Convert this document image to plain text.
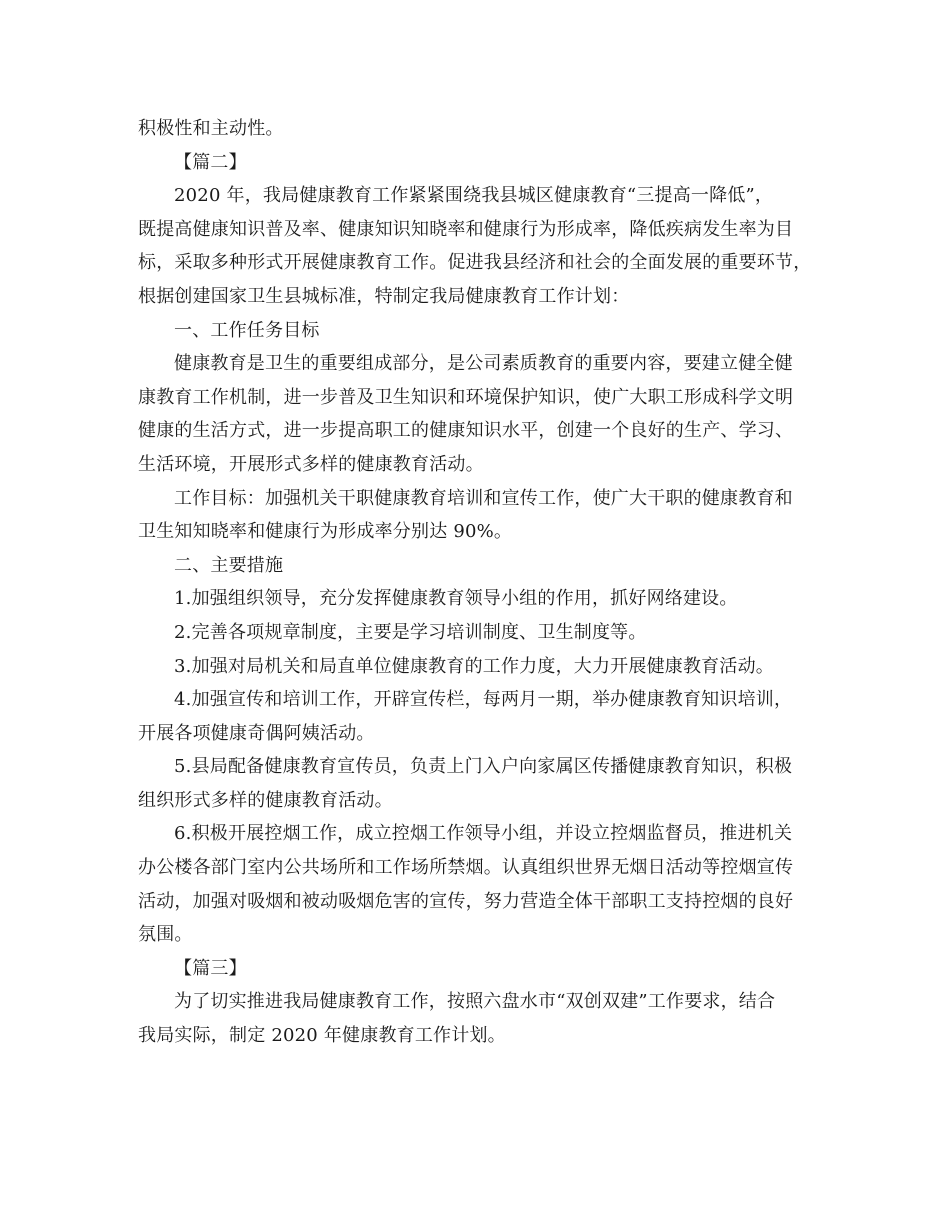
积极性和主动性。
【篇二】
2020 年，我局健康教育工作紧紧围绕我县城区健康教育“三提高一降低”，
既提高健康知识普及率、健康知识知晓率和健康行为形成率，降低疾病发生率为目
标，采取多种形式开展健康教育工作。促进我县经济和社会的全面发展的重要环节，
根据创建国家卫生县城标准，特制定我局健康教育工作计划：
一、工作任务目标
健康教育是卫生的重要组成部分，是公司素质教育的重要内容，要建立健全健
康教育工作机制，进一步普及卫生知识和环境保护知识，使广大职工形成科学文明
健康的生活方式，进一步提高职工的健康知识水平，创建一个良好的生产、学习、
生活环境，开展形式多样的健康教育活动。
工作目标：加强机关干职健康教育培训和宣传工作，使广大干职的健康教育和
卫生知知晓率和健康行为形成率分别达 90%。
二、主要措施
1.加强组织领导，充分发挥健康教育领导小组的作用，抓好网络建设。
2.完善各项规章制度，主要是学习培训制度、卫生制度等。
3.加强对局机关和局直单位健康教育的工作力度，大力开展健康教育活动。
4.加强宣传和培训工作，开辟宣传栏，每两月一期，举办健康教育知识培训，
开展各项健康奇偶阿姨活动。
5.县局配备健康教育宣传员，负责上门入户向家属区传播健康教育知识，积极
组织形式多样的健康教育活动。
6.积极开展控烟工作，成立控烟工作领导小组，并设立控烟监督员，推进机关
办公楼各部门室内公共场所和工作场所禁烟。认真组织世界无烟日活动等控烟宣传
活动，加强对吸烟和被动吸烟危害的宣传，努力营造全体干部职工支持控烟的良好
氛围。
【篇三】
为了切实推进我局健康教育工作，按照六盘水市“双创双建”工作要求，结合
我局实际，制定 2020 年健康教育工作计划。
